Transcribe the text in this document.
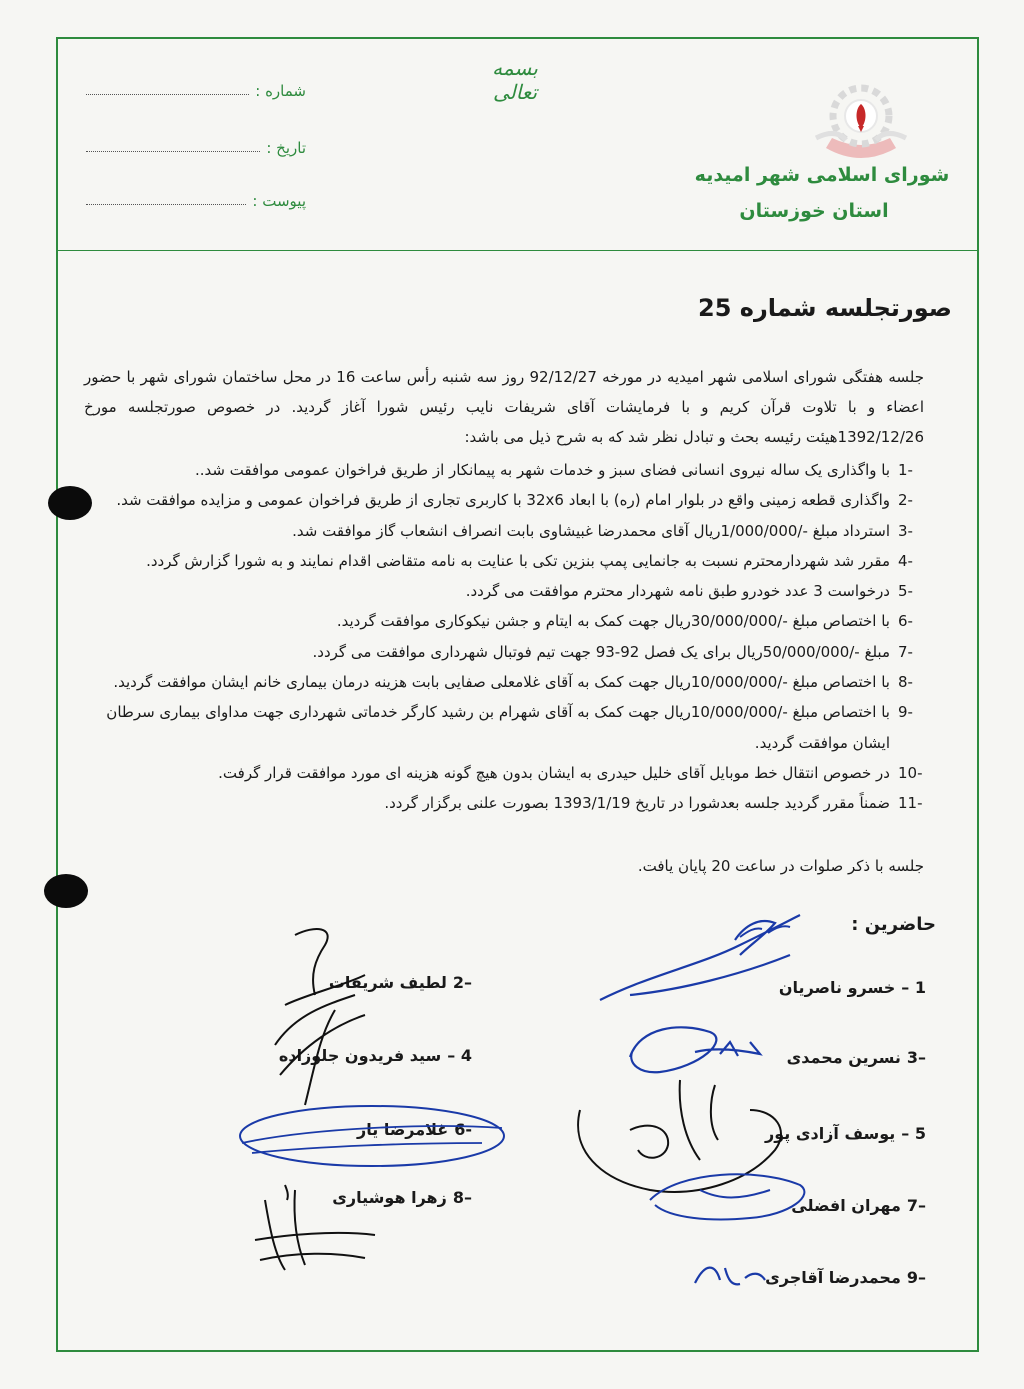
بسمه تعالی
شماره :
تاریخ :
پیوست :
شورای اسلامی شهر امیدیه
استان خوزستان
صورتجلسه شماره 25
جلسه هفتگی شورای اسلامی شهر امیدیه در مورخه 92/12/27 روز سه شنبه رأس ساعت 16 در محل ساختمان شورای شهر با حضور اعضاء و با تلاوت قرآن کریم و با فرمایشات آقای شریفات نایب رئیس شورا آغاز گردید. در خصوص صورتجلسه مورخ 1392/12/26هیئت رئیسه بحث و تبادل نظر شد که به شرح ذیل می باشد:
-1
با واگذاری یک ساله نیروی انسانی فضای سبز و خدمات شهر به پیمانکار از طریق فراخوان عمومی موافقت شد..
-2
واگذاری قطعه زمینی واقع در بلوار امام (ره) با ابعاد 32x6 با کاربری تجاری از طریق فراخوان عمومی و مزایده موافقت شد.
-3
استرداد مبلغ -/1/000/000ریال آقای محمدرضا غبیشاوی بابت انصراف انشعاب گاز موافقت شد.
-4
مقرر شد شهردارمحترم نسبت به جانمایی پمپ بنزین تکی با عنایت به نامه متقاضی اقدام نمایند و به شورا گزارش گردد.
-5
درخواست 3 عدد خودرو طبق نامه شهردار محترم موافقت می گردد.
-6
با اختصاص مبلغ -/30/000/000ریال جهت کمک به ایتام و جشن نیکوکاری موافقت گردید.
-7
مبلغ -/50/000/000ریال برای یک فصل 92-93 جهت تیم فوتبال شهرداری موافقت می گردد.
-8
با اختصاص مبلغ -/10/000/000ریال جهت کمک به آقای غلامعلی صفایی بابت هزینه درمان بیماری خانم ایشان موافقت گردید.
-9
با اختصاص مبلغ -/10/000/000ریال جهت کمک به آقای شهرام بن رشید کارگر خدماتی شهرداری جهت مداوای بیماری سرطان ایشان موافقت گردید.
-10
در خصوص انتقال خط موبایل آقای خلیل حیدری به ایشان بدون هیچ گونه هزینه ای مورد موافقت قرار گرفت.
-11
ضمناً مقرر گردید جلسه بعدشورا در تاریخ 1393/1/19 بصورت علنی برگزار گردد.
جلسه با ذکر صلوات در ساعت 20 پایان یافت.
حاضرین :
1 –خسرو ناصریان
–3نسرین محمدی
5 –یوسف آزادی پور
–7مهران افضلی
–9محمدرضا آقاجری
–2لطیف شریفات
4 –سید فریدون جلوزاده
-6غلامرضا یار
–8زهرا هوشیاری
